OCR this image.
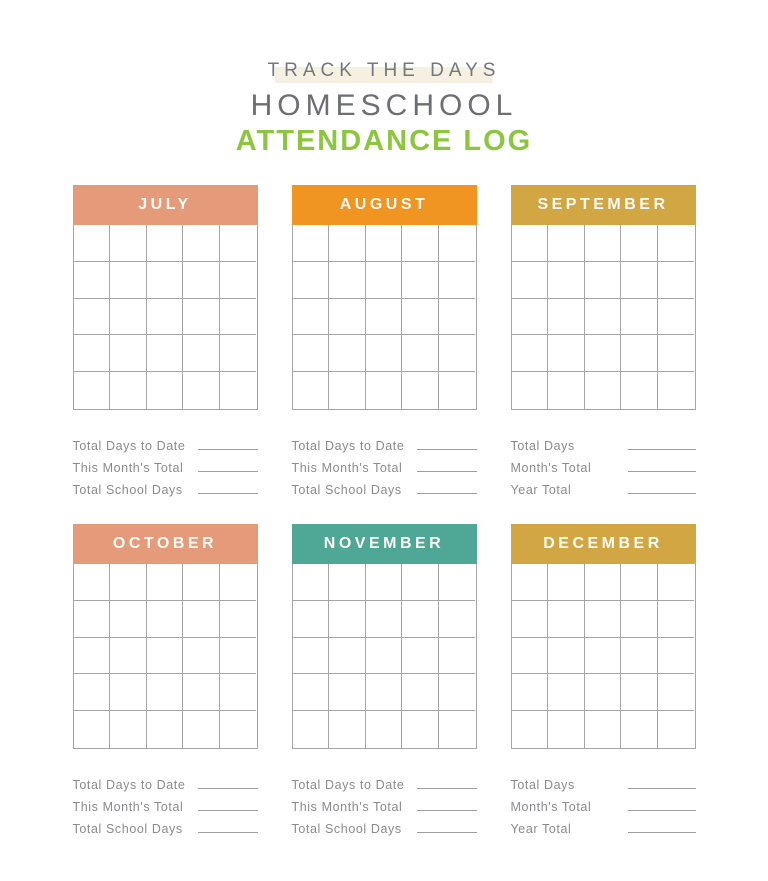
TRACK THE DAYS
HOMESCHOOL
ATTENDANCE LOG
JULY
Total Days to Date
This Month's Total
Total School Days
AUGUST
Total Days to Date
This Month's Total
Total School Days
SEPTEMBER
Total Days
Month's Total
Year Total
OCTOBER
Total Days to Date
This Month's Total
Total School Days
NOVEMBER
Total Days to Date
This Month's Total
Total School Days
DECEMBER
Total Days
Month's Total
Year Total
